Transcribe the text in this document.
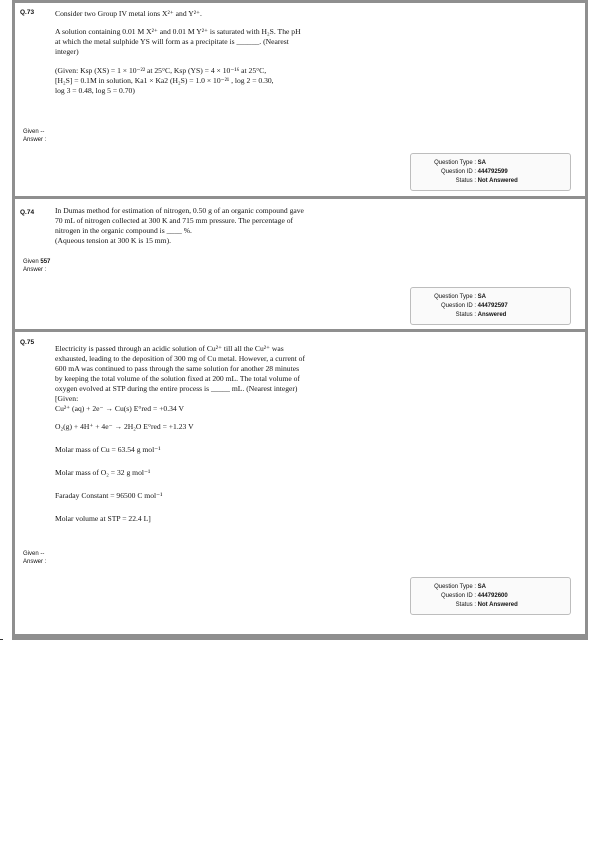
Q.73	Consider two Group IV metal ions X²⁺ and Y²⁺.

A solution containing 0.01 M X²⁺ and 0.01 M Y²⁺ is saturated with H₂S. The pH
at which the metal sulphide YS will form as a precipitate is ______. (Nearest
integer)

(Given: Ksp (XS) = 1 × 10⁻²² at 25°C, Ksp (YS) = 4 × 10⁻¹⁶ at 25°C,
[H₂S] = 0.1M in solution, Ka1 × Ka2 (H₂S) = 1.0 × 10⁻²¹ , log 2 = 0.30,
log 3 = 0.48, log 5 = 0.70)

Given --
Answer :
Question Type : SA
Question ID : 444792599
Status : Not Answered
Q.74	In Dumas method for estimation of nitrogen, 0.50 g of an organic compound gave
70 mL of nitrogen collected at 300 K and 715 mm pressure. The percentage of
nitrogen in the organic compound is ____ %.
(Aqueous tension at 300 K is 15 mm).

Given 557
Answer :
Question Type : SA
Question ID : 444792597
Status : Answered
Q.75

Electricity is passed through an acidic solution of Cu²⁺ till all the Cu²⁺ was
exhausted, leading to the deposition of 300 mg of Cu metal. However, a current of
600 mA was continued to pass through the same solution for another 28 minutes
by keeping the total volume of the solution fixed at 200 mL. The total volume of
oxygen evolved at STP during the entire process is _____ mL. (Nearest integer)
[Given:

Cu²⁺ (aq) + 2e⁻ → Cu(s) E°red = +0.34 V
O₂(g) + 4H⁺ + 4e⁻ → 2H₂O E°red = +1.23 V
Molar mass of Cu = 63.54 g mol⁻¹
Molar mass of O₂ = 32 g mol⁻¹
Faraday Constant = 96500 C mol⁻¹
Molar volume at STP = 22.4 L]
Given --
Answer :
Question Type : SA
Question ID : 444792600
Status : Not Answered
